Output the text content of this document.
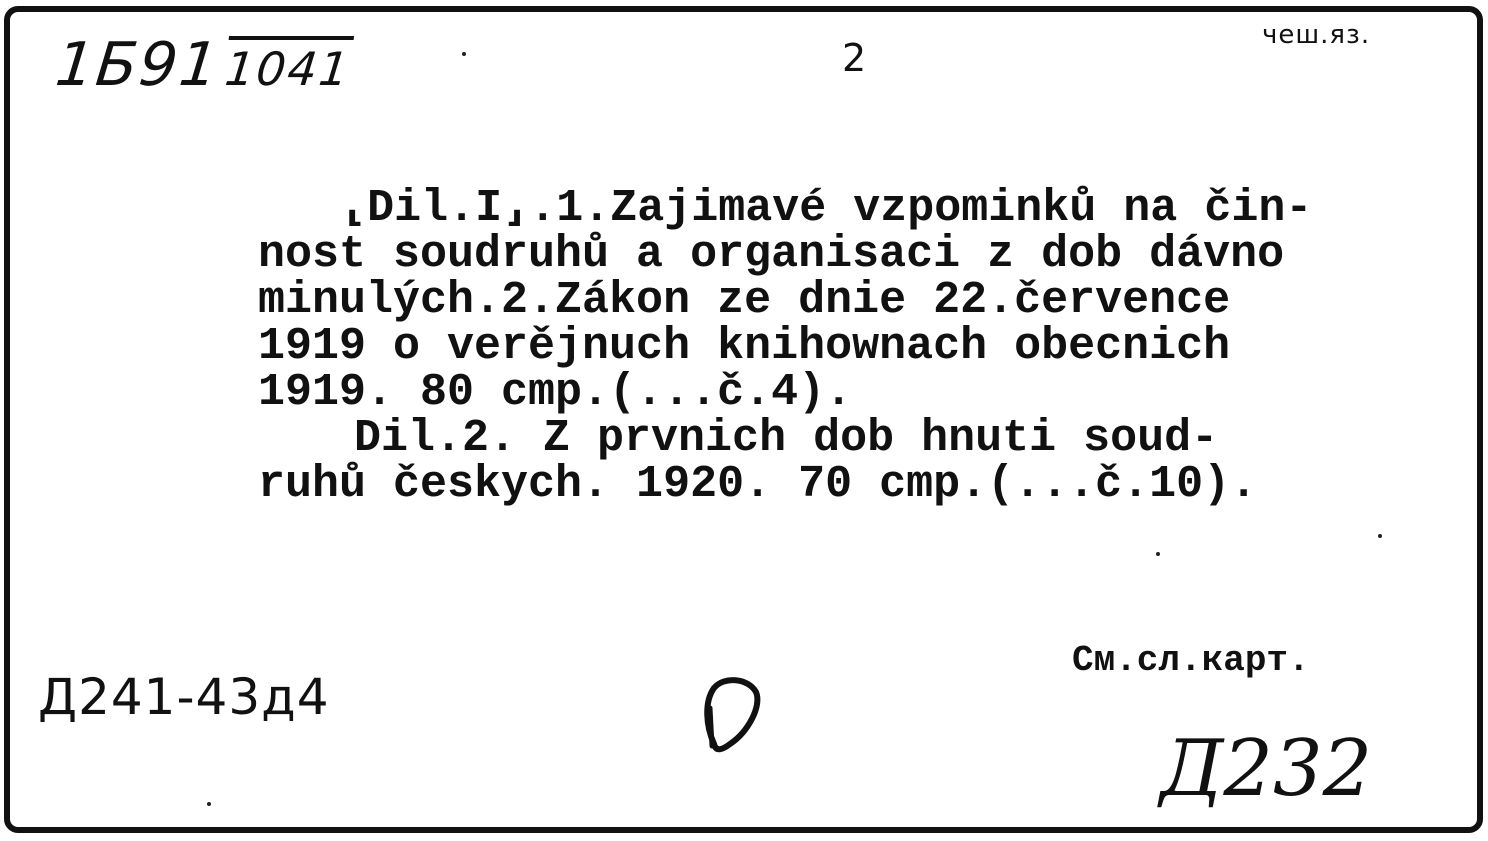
1Б911041
чеш.яз.
2
⸤Dil.I⸥.1.Zajimavé vzpominků na čin-
nost soudruhů a organisaci z dob dávno
minulých.2.Zákon ze dnie 22.července
1919 o verějnuch knihownach obecnich
1919. 80 cmp.(...č.4).
Dil.2. Z prvnich dob hnuti soud-
ruhů českych. 1920. 70 cmp.(...č.10).
Д241-43д4
См.сл.карт.
Д232
